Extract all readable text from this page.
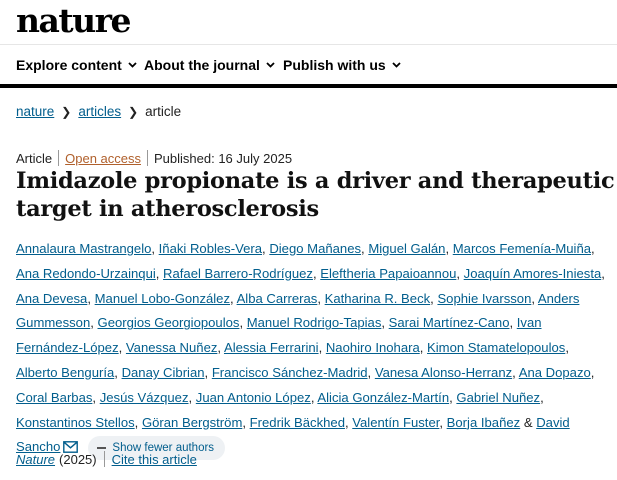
nature
Explore content About the journal Publish with us
nature ❯ articles ❯ article
Article Open access Published: 16 July 2025
Imidazole propionate is a driver and therapeutic target in atherosclerosis
Annalaura Mastrangelo, Iñaki Robles-Vera, Diego Mañanes, Miguel Galán, Marcos Femenía-Muiña, Ana Redondo-Urzainqui, Rafael Barrero-Rodríguez, Eleftheria Papaioannou, Joaquín Amores-Iniesta, Ana Devesa, Manuel Lobo-González, Alba Carreras, Katharina R. Beck, Sophie Ivarsson, Anders Gummesson, Georgios Georgiopoulos, Manuel Rodrigo-Tapias, Sarai Martínez-Cano, Ivan Fernández-López, Vanessa Nuñez, Alessia Ferrarini, Naohiro Inohara, Kimon Stamatelopoulos, Alberto Benguría, Danay Cibrian, Francisco Sánchez-Madrid, Vanesa Alonso-Herranz, Ana Dopazo, Coral Barbas, Jesús Vázquez, Juan Antonio López, Alicia González-Martín, Gabriel Nuñez, Konstantinos Stellos, Göran Bergström, Fredrik Bäckhed, Valentín Fuster, Borja Ibañez & David Sancho	Show fewer authors
Nature (2025) Cite this article
